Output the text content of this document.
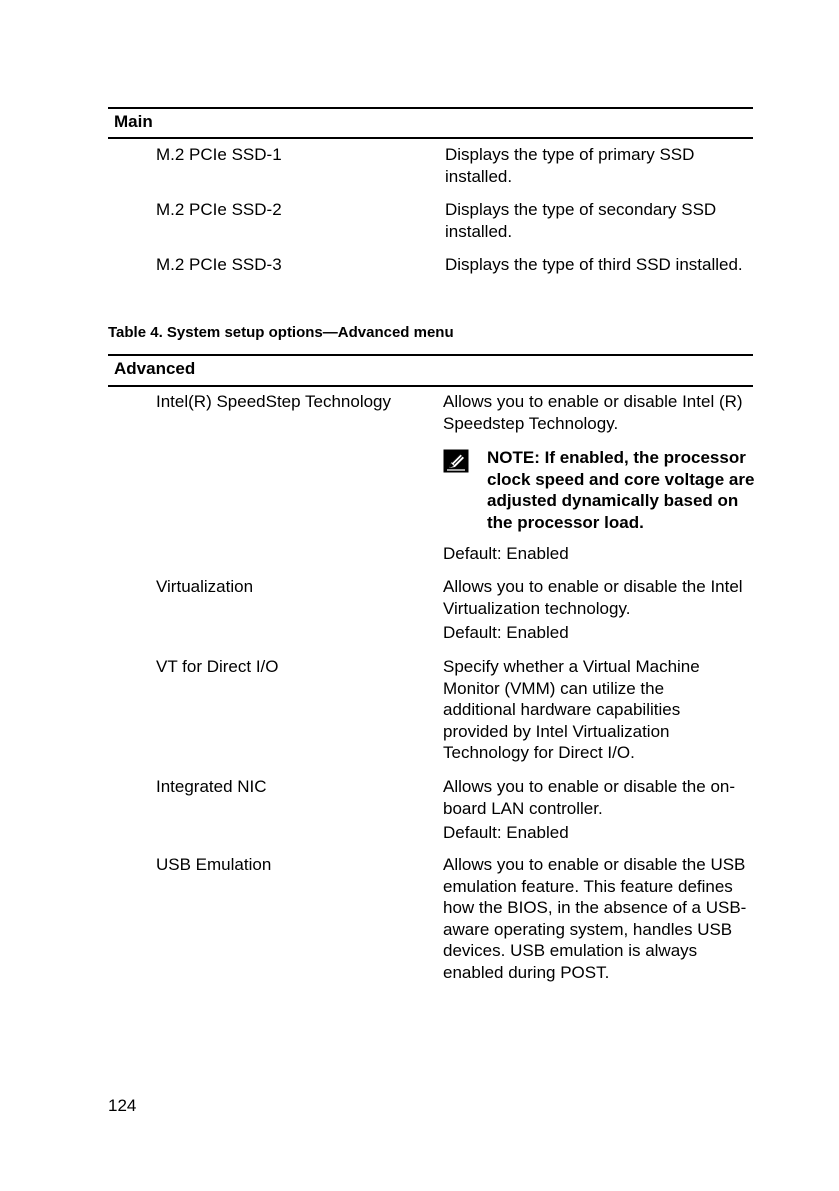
Main
M.2 PCIe SSD-1	Displays the type of primary SSD installed.

M.2 PCIe SSD-2	Displays the type of secondary SSD installed.

M.2 PCIe SSD-3	Displays the type of third SSD installed.

Table 4. System setup options—Advanced menu
Advanced
Intel(R) SpeedStep Technology	Allows you to enable or disable Intel (R) Speedstep Technology.

NOTE: If enabled, the processor clock speed and core voltage are adjusted dynamically based on the processor load.

Default: Enabled

Virtualization	Allows you to enable or disable the Intel Virtualization technology.

Default: Enabled

VT for Direct I/O	Specify whether a Virtual Machine Monitor (VMM) can utilize the additional hardware capabilities provided by Intel Virtualization Technology for Direct I/O.

Integrated NIC	Allows you to enable or disable the on-board LAN controller.

Default: Enabled

USB Emulation	Allows you to enable or disable the USB emulation feature. This feature defines how the BIOS, in the absence of a USB-aware operating system, handles USB devices. USB emulation is always enabled during POST.

124
